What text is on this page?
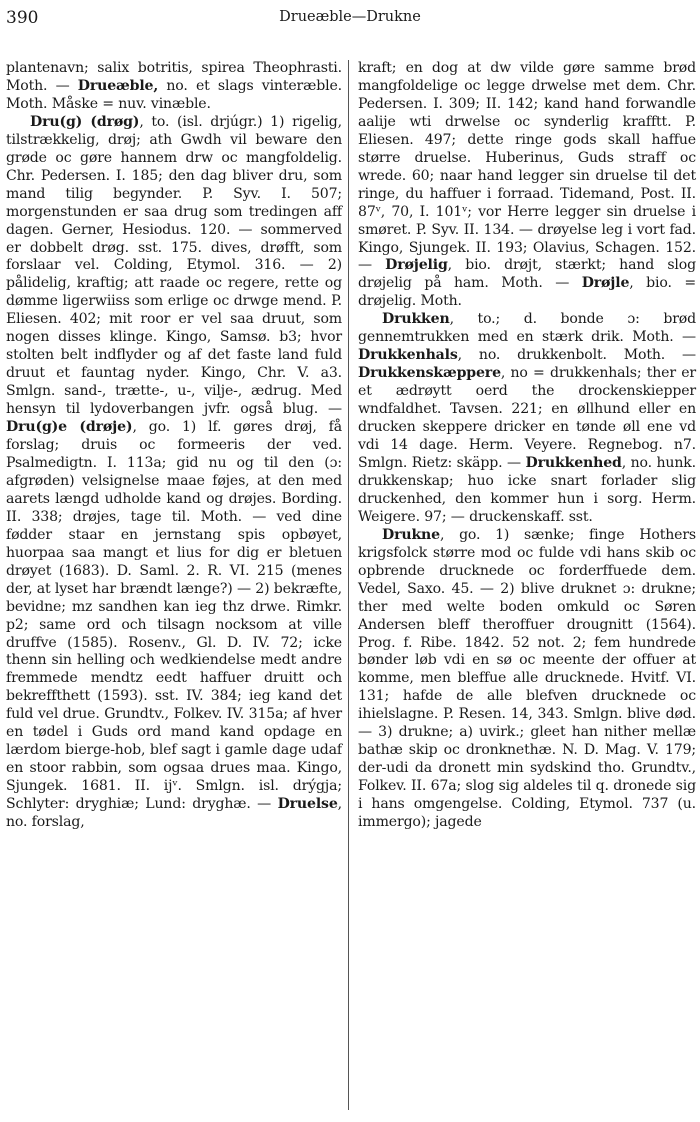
390	Drueæble—Drukne

plantenavn; salix botritis, spirea Theophrasti. Moth. — Drueæble, no. et slags vinteræble. Moth. Måske = nuv. vinæble.

Dru(g) (drøg), to. (isl. drjúgr.) 1) rigelig, tilstrækkelig, drøj; ath Gwdh vil beware den grøde oc gøre hannem drw oc mangfoldelig. Chr. Pedersen. I. 185; den dag bliver dru, som mand tilig begynder. P. Syv. I. 507; morgenstunden er saa drug som tredingen aff dagen. Gerner, Hesiodus. 120. — sommerved er dobbelt drøg. sst. 175. dives, drøfft, som forslaar vel. Colding, Etymol. 316. — 2) pålidelig, kraftig; att raade oc regere, rette og dømme ligerwiiss som erlige oc drwge mend. P. Eliesen. 402; mit roor er vel saa druut, som nogen disses klinge. Kingo, Samsø. b3; hvor stolten belt indflyder og af det faste land fuld druut et fauntag nyder. Kingo, Chr. V. a3. Smlgn. sand-, trætte-, u-, vilje-, ædrug. Med hensyn til lydoverbangen jvfr. også blug. — Dru(g)e (drøje), go. 1) lf. gøres drøj, få forslag; druis oc formeeris der ved. Psalmedigtn. I. 113a; gid nu og til den (ɔ: afgrøden) velsignelse maae føjes, at den med aarets længd udholde kand og drøjes. Bording. II. 338; drøjes, tage til. Moth. — ved dine fødder staar en jernstang spis opbøyet, huorpaa saa mangt et lius for dig er bletuen drøyet (1683). D. Saml. 2. R. VI. 215 (menes der, at lyset har brændt længe?) — 2) bekræfte, bevidne; mz sandhen kan ieg thz drwe. Rimkr. p2; same ord och tilsagn nocksom at ville druffve (1585). Rosenv., Gl. D. IV. 72; icke thenn sin helling och wedkiendelse medt andre fremmede mendtz eedt haffuer druitt och bekreffthett (1593). sst. IV. 384; ieg kand det fuld vel drue. Grundtv., Folkev. IV. 315a; af hver en tødel i Guds ord mand kand opdage en lærdom bierge-hob, blef sagt i gamle dage udaf en stoor rabbin, som ogsaa drues maa. Kingo, Sjungek. 1681. II. ijᵛ. Smlgn. isl. drýgja; Schlyter: dryghiæ; Lund: dryghæ. — Druelse, no. forslag,

kraft; en dog at dw vilde gøre samme brød mangfoldelige oc legge drwelse met dem. Chr. Pedersen. I. 309; II. 142; kand hand forwandle aalije wti drwelse oc synderlig krafftt. P. Eliesen. 497; dette ringe gods skall haffue større druelse. Huberinus, Guds straff oc wrede. 60; naar hand legger sin druelse til det ringe, du haffuer i forraad. Tidemand, Post. II. 87ᵛ, 70, I. 101ᵛ; vor Herre legger sin druelse i smøret. P. Syv. II. 134. — drøyelse leg i vort fad. Kingo, Sjungek. II. 193; Olavius, Schagen. 152. — Drøjelig, bio. drøjt, stærkt; hand slog drøjelig på ham. Moth. — Drøjle, bio. = drøjelig. Moth.

Drukken, to.; d. bonde ɔ: brød gennemtrukken med en stærk drik. Moth. — Drukkenhals, no. drukkenbolt. Moth. — Drukkenskæppere, no = drukkenhals; ther er et ædrøytt oerd the drockenskiepper wndfaldhet. Tavsen. 221; en øllhund eller en drucken skeppere dricker en tønde øll ene vd vdi 14 dage. Herm. Veyere. Regnebog. n7. Smlgn. Rietz: skäpp. — Drukkenhed, no. hunk. drukkenskap; huo icke snart forlader slig druckenhed, den kommer hun i sorg. Herm. Weigere. 97; — druckenskaff. sst.

Drukne, go. 1) sænke; finge Hothers krigsfolck større mod oc fulde vdi hans skib oc opbrende drucknede oc forderffuede dem. Vedel, Saxo. 45. — 2) blive druknet ɔ: drukne; ther med welte boden omkuld oc Søren Andersen bleff theroffuer drougnitt (1564). Prog. f. Ribe. 1842. 52 not. 2; fem hundrede bønder løb vdi en sø oc meente der offuer at komme, men bleffue alle drucknede. Hvitf. VI. 131; hafde de alle blefven drucknede oc ihielslagne. P. Resen. 14, 343. Smlgn. blive død. — 3) drukne; a) uvirk.; gleet han nither mellæ bathæ skip oc dronknethæ. N. D. Mag. V. 179; der-udi da dronett min sydskind tho. Grundtv., Folkev. II. 67a; slog sig aldeles til q. dronede sig i hans omgengelse. Colding, Etymol. 737 (u. immergo); jagede
